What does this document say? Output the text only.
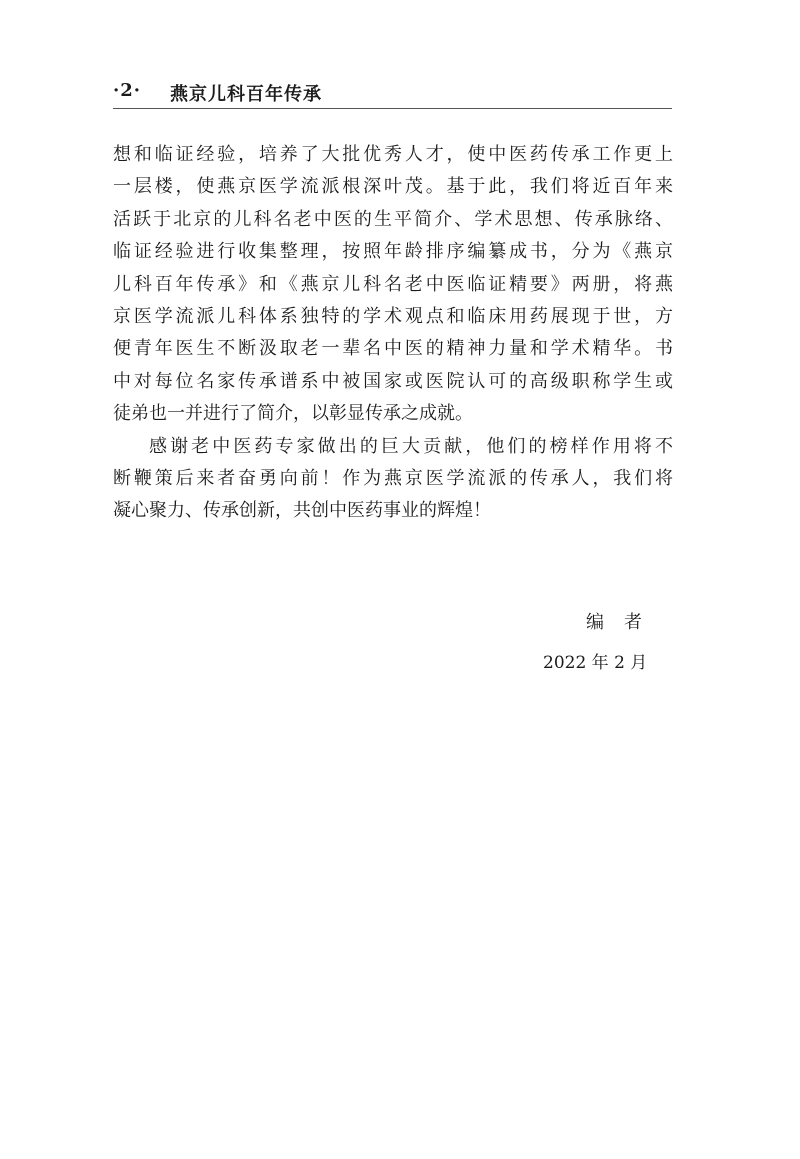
·2· 燕京儿科百年传承
想和临证经验，培养了大批优秀人才，使中医药传承工作更上
一层楼，使燕京医学流派根深叶茂。基于此，我们将近百年来
活跃于北京的儿科名老中医的生平简介、学术思想、传承脉络、
临证经验进行收集整理，按照年龄排序编纂成书，分为《燕京
儿科百年传承》和《燕京儿科名老中医临证精要》两册，将燕
京医学流派儿科体系独特的学术观点和临床用药展现于世，方
便青年医生不断汲取老一辈名中医的精神力量和学术精华。书
中对每位名家传承谱系中被国家或医院认可的高级职称学生或
徒弟也一并进行了简介，以彰显传承之成就。
感谢老中医药专家做出的巨大贡献，他们的榜样作用将不
断鞭策后来者奋勇向前！作为燕京医学流派的传承人，我们将
凝心聚力、传承创新，共创中医药事业的辉煌！
编者
2022 年 2 月
